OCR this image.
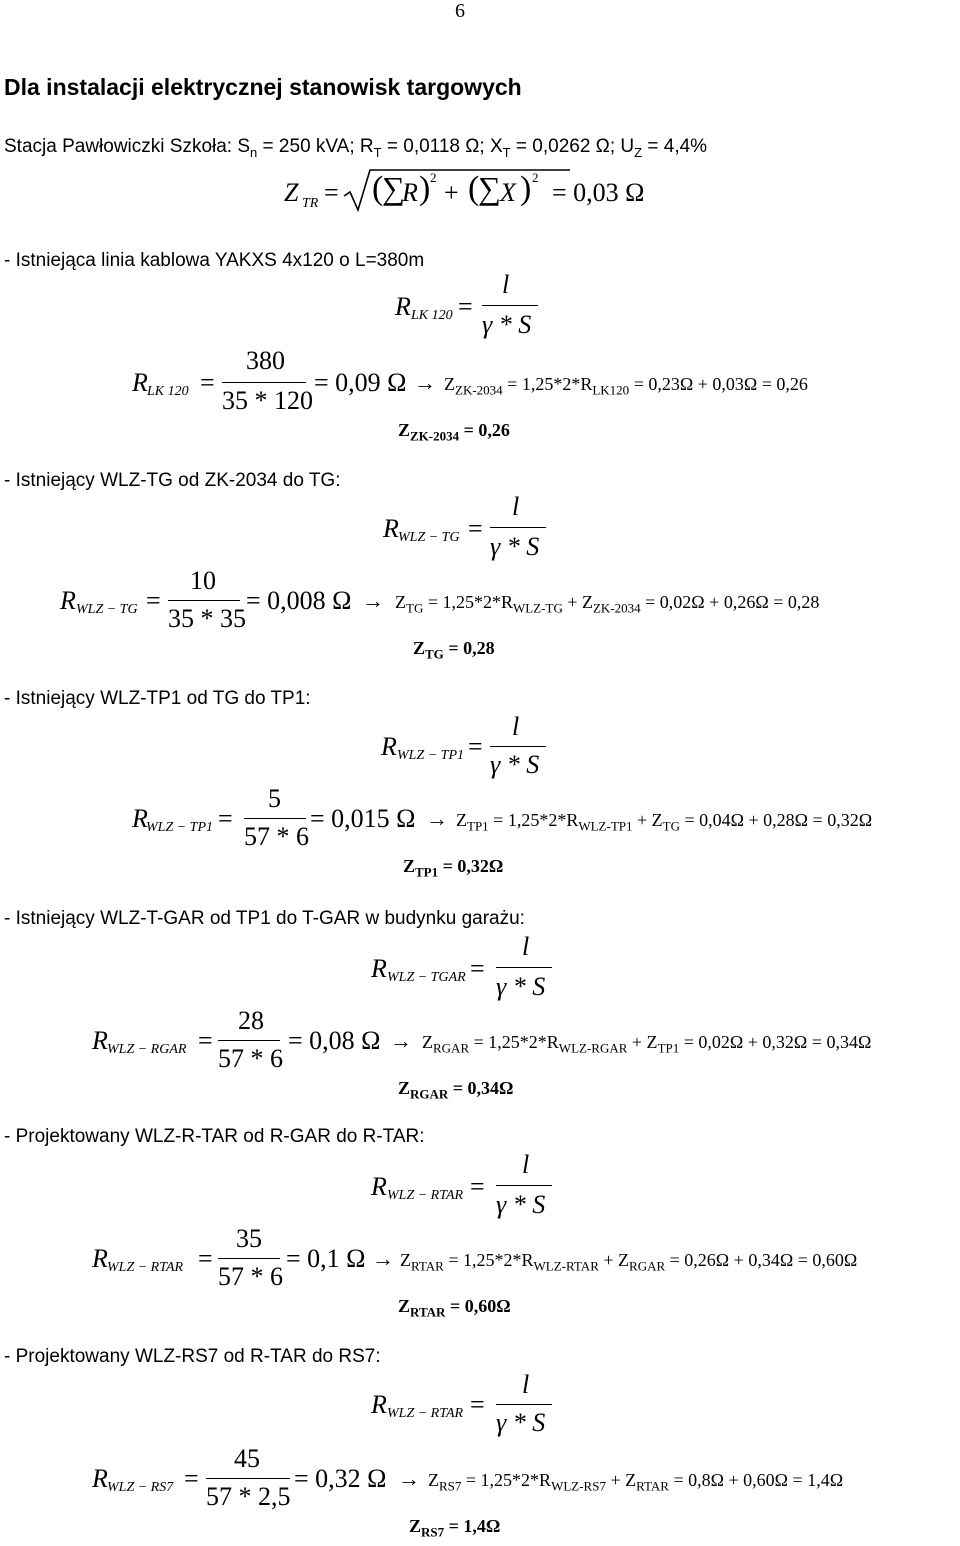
6
Dla instalacji elektrycznej stanowisk targowych
Stacja Pawłowiczki Szkoła: $S_n = 250$ kVA; $R_T = 0,0118$ Ω; $X_T = 0,0262$ Ω; $U_Z = 4,4\%$
Z TR = (
∑
R ) 2
+ (
∑ X ) 2
= 0,03 Ω
- Istniejąca linia kablowa YAKXS 4x120 o L=380m
R LK 120 =
l
γ * S
R LK 120 =
380
35 * 120
= 0,09 $\Omega \to Z_{ZK-2034} = 1,25*2*R_{LK120} = 0,23\Omega + 0,03\Omega = 0,26$
$Z_{ZK-2034} = 0,26$
- Istniejący WLZ-TG od ZK-2034 do TG:
R WLZ − TG =
l
γ * S
R WLZ − TG =
10
35 * 35
= 0,008 $\Omega \to Z_{TG} = 1,25*2*R_{WLZ-TG} + Z_{ZK-2034} = 0,02\Omega + 0,26\Omega = 0,28$
$Z_{TG} = 0,28$
- Istniejący WLZ-TP1 od TG do TP1:
R WLZ − TP1 =
l
γ * S
R
WLZ − TP1 =
5
57 * 6
= 0,015 $\Omega \to Z_{TP1} = 1,25*2*R_{WLZ-TP1} + Z_{TG} = 0,04\Omega + 0,28\Omega = 0,32\Omega$
$Z_{TP1} = 0,32\Omega$
- Istniejący WLZ-T-GAR od TP1 do T-GAR w budynku garażu:
R WLZ − TGAR =
l
γ * S
R WLZ − RGAR =
28
57 * 6
= 0,08 $\Omega \to Z_{RGAR} = 1,25*2*R_{WLZ-RGAR} + Z_{TP1} = 0,02\Omega + 0,32\Omega = 0,34\Omega$
$Z_{RGAR} = 0,34\Omega$
- Projektowany WLZ-R-TAR od R-GAR do R-TAR:
R WLZ − RTAR =
l
γ * S
R WLZ − RTAR =
35
57 * 6
= 0,1 $\Omega \to Z_{RTAR} = 1,25*2*R_{WLZ-RTAR} + Z_{RGAR} = 0,26\Omega + 0,34\Omega = 0,60\Omega$
$Z_{RTAR} = 0,60\Omega$
- Projektowany WLZ-RS7 od R-TAR do RS7:
R WLZ − RTAR =
l
γ * S
R WLZ − RS7 =
45
57 * 2,5
= 0,32 $\Omega \to Z_{RS7} = 1,25*2*R_{WLZ-RS7} + Z_{RTAR} = 0,8\Omega + 0,60\Omega = 1,4\Omega$
$Z_{RS7} = 1,4\Omega$
